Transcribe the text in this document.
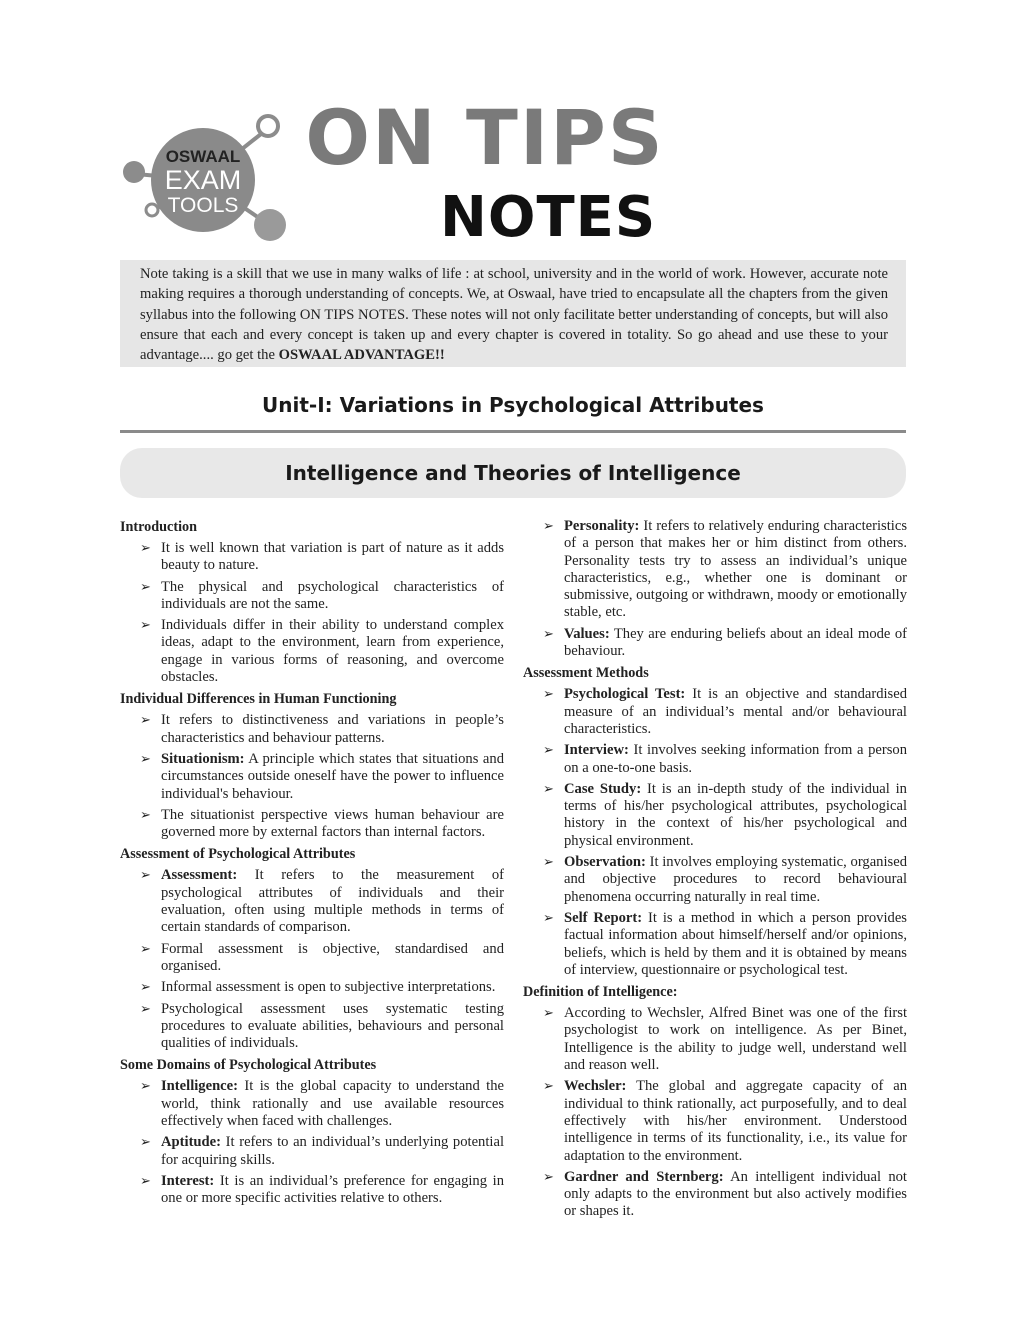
OSWAAL
EXAM
TOOLS
ON TIPS
NOTES
Note taking is a skill that we use in many walks of life : at school, university and in the world of work. However, accurate note making requires a thorough understanding of concepts. We, at Oswaal, have tried to encapsulate all the chapters from the given syllabus into the following ON TIPS NOTES. These notes will not only facilitate better understanding of concepts, but will also ensure that each and every concept is taken up and every chapter is covered in totality. So go ahead and use these to your advantage.... go get the OSWAAL ADVANTAGE!!
Unit-I: Variations in Psychological Attributes
Intelligence and Theories of Intelligence
Introduction
➢ It is well known that variation is part of nature as it adds beauty to nature.
➢ The physical and psychological characteristics of individuals are not the same.
➢ Individuals differ in their ability to understand complex ideas, adapt to the environment, learn from experience, engage in various forms of reasoning, and overcome obstacles.
Individual Differences in Human Functioning
➢ It refers to distinctiveness and variations in people’s characteristics and behaviour patterns.
➢ Situationism: A principle which states that situations and circumstances outside oneself have the power to influence individual's behaviour.
➢ The situationist perspective views human behaviour are governed more by external factors than internal factors.
Assessment of Psychological Attributes
➢ Assessment: It refers to the measurement of psychological attributes of individuals and their evaluation, often using multiple methods in terms of certain standards of comparison.
➢ Formal assessment is objective, standardised and organised.
➢ Informal assessment is open to subjective interpretations.
➢ Psychological assessment uses systematic testing procedures to evaluate abilities, behaviours and personal qualities of individuals.
Some Domains of Psychological Attributes
➢ Intelligence: It is the global capacity to understand the world, think rationally and use available resources effectively when faced with challenges.
➢ Aptitude: It refers to an individual’s underlying potential for acquiring skills.
➢ Interest: It is an individual’s preference for engaging in one or more specific activities relative to others.
➢ Personality: It refers to relatively enduring characteristics of a person that makes her or him distinct from others. Personality tests try to assess an individual’s unique characteristics, e.g., whether one is dominant or submissive, outgoing or withdrawn, moody or emotionally stable, etc.
➢ Values: They are enduring beliefs about an ideal mode of behaviour.
Assessment Methods
➢ Psychological Test: It is an objective and standardised measure of an individual’s mental and/or behavioural characteristics.
➢ Interview: It involves seeking information from a person on a one-to-one basis.
➢ Case Study: It is an in-depth study of the individual in terms of his/her psychological attributes, psychological history in the context of his/her psychological and physical environment.
➢ Observation: It involves employing systematic, organised and objective procedures to record behavioural phenomena occurring naturally in real time.
➢ Self Report: It is a method in which a person provides factual information about himself/herself and/or opinions, beliefs, which is held by them and it is obtained by means of interview, questionnaire or psychological test.
Definition of Intelligence:
➢ According to Wechsler, Alfred Binet was one of the first psychologist to work on intelligence. As per Binet, Intelligence is the ability to judge well, understand well and reason well.
➢ Wechsler: The global and aggregate capacity of an individual to think rationally, act purposefully, and to deal effectively with his/her environment. Understood intelligence in terms of its functionality, i.e., its value for adaptation to the environment.
➢ Gardner and Sternberg: An intelligent individual not only adapts to the environment but also actively modifies or shapes it.
